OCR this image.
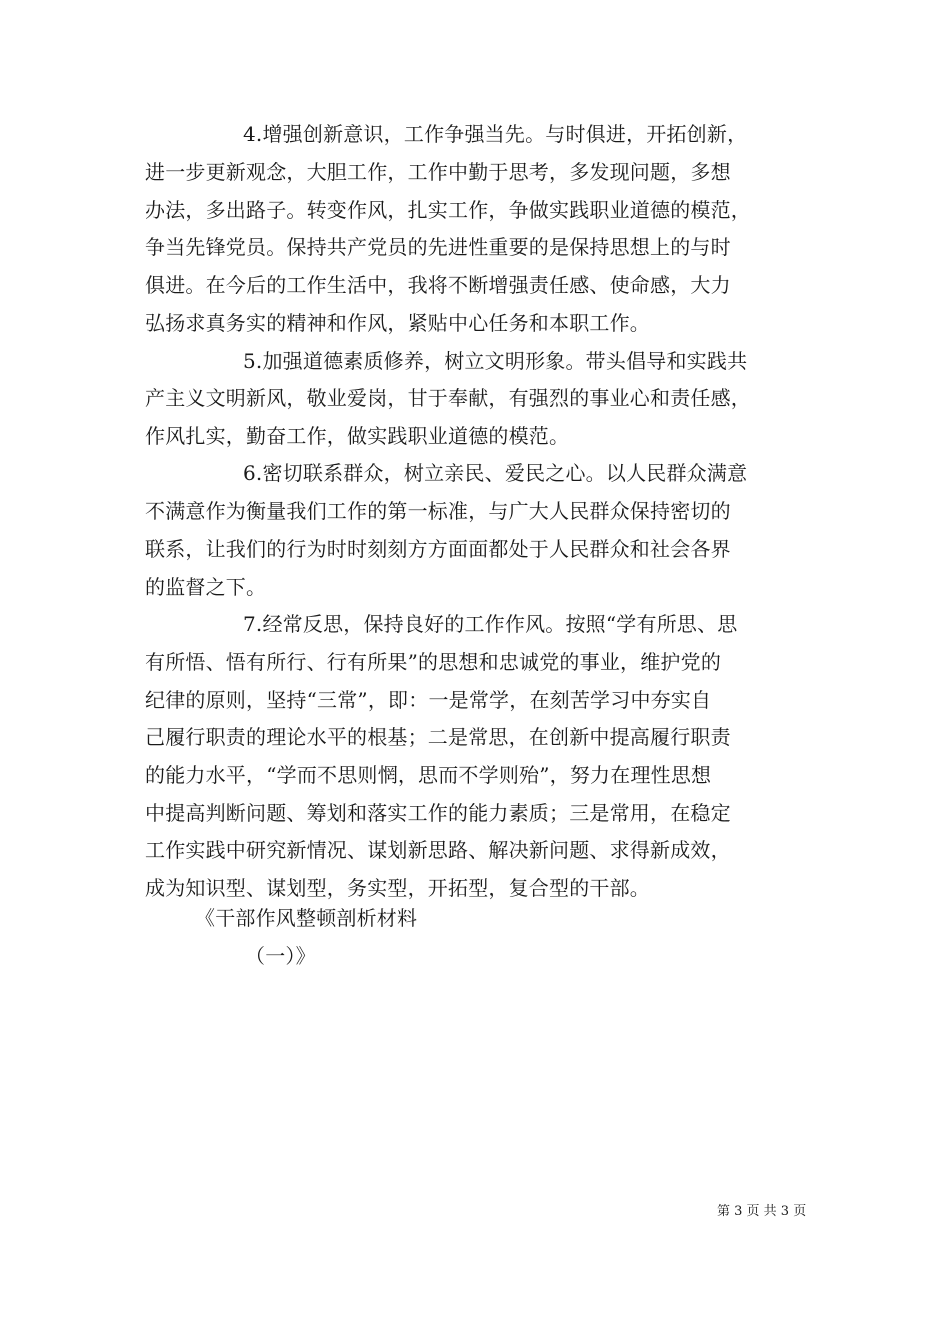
4.增强创新意识，工作争强当先。与时俱进，开拓创新，
进一步更新观念，大胆工作，工作中勤于思考，多发现问题，多想
办法，多出路子。转变作风，扎实工作，争做实践职业道德的模范，
争当先锋党员。保持共产党员的先进性重要的是保持思想上的与时
俱进。在今后的工作生活中，我将不断增强责任感、使命感，大力
弘扬求真务实的精神和作风，紧贴中心任务和本职工作。
5.加强道德素质修养，树立文明形象。带头倡导和实践共
产主义文明新风，敬业爱岗，甘于奉献，有强烈的事业心和责任感，
作风扎实，勤奋工作，做实践职业道德的模范。
6.密切联系群众，树立亲民、爱民之心。以人民群众满意
不满意作为衡量我们工作的第一标准，与广大人民群众保持密切的
联系，让我们的行为时时刻刻方方面面都处于人民群众和社会各界
的监督之下。
7.经常反思，保持良好的工作作风。按照“学有所思、思
有所悟、悟有所行、行有所果”的思想和忠诚党的事业，维护党的
纪律的原则，坚持“三常”，即：一是常学，在刻苦学习中夯实自
己履行职责的理论水平的根基；二是常思，在创新中提高履行职责
的能力水平，“学而不思则惘，思而不学则殆”，努力在理性思想
中提高判断问题、筹划和落实工作的能力素质；三是常用，在稳定
工作实践中研究新情况、谋划新思路、解决新问题、求得新成效，
成为知识型、谋划型，务实型，开拓型，复合型的干部。
《干部作风整顿剖析材料
（一）》
第 3 页 共 3 页
